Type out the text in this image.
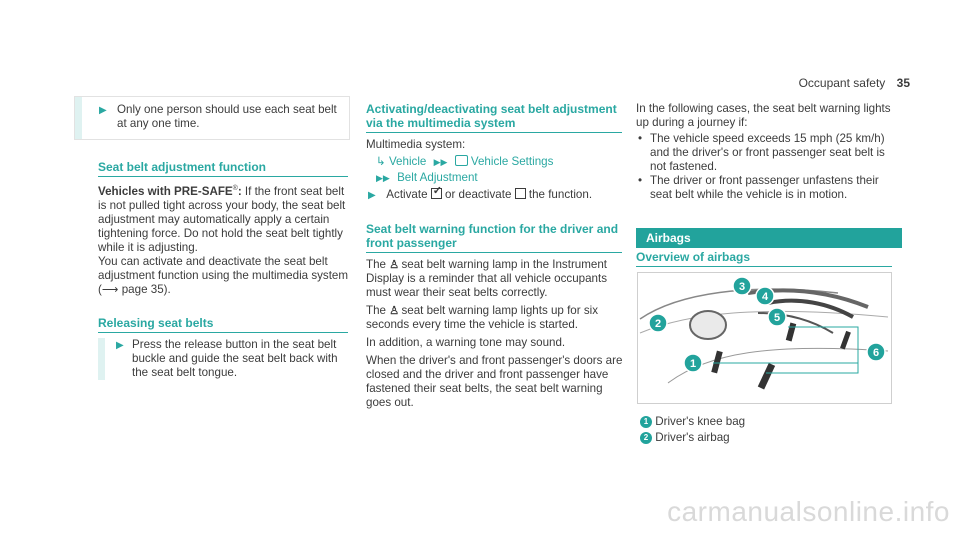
Occupant safety 35
▶ Only one person should use each seat belt at any one time.

Seat belt adjustment function

Vehicles with PRE-SAFE®: If the front seat belt is not pulled tight across your body, the seat belt adjustment may automatically apply a certain tightening force. Do not hold the seat belt tightly while it is adjusting.

You can activate and deactivate the seat belt adjustment function using the multimedia system (⟶ page 35).

Releasing seat belts
▶ Press the release button in the seat belt buckle and guide the seat belt back with the seat belt tongue.

Activating/deactivating seat belt adjustment
via the multimedia system

Multimedia system:

↳ Vehicle ▶▶ Vehicle Settings
▶▶ Belt Adjustment
▶ Activate ✓ or deactivate the function.
Seat belt warning function for the driver and
front passenger

The ♙ seat belt warning lamp in the Instrument Display is a reminder that all vehicle occupants must wear their seat belts correctly.

The ♙ seat belt warning lamp lights up for six seconds every time the vehicle is started.

In addition, a warning tone may sound.

When the driver's and front passenger's doors are closed and the driver and front passenger have fastened their seat belts, the seat belt warning goes out.

In the following cases, the seat belt warning lights up during a journey if:

• The vehicle speed exceeds 15 mph (25 km/h) and the driver's or front passenger seat belt is not fastened.
• The driver or front passenger unfastens their seat belt while the vehicle is in motion.
Airbags
Overview of airbags
2
3
4
5
1
6
1 Driver's knee bag
2 Driver's airbag
carmanualsonline.info
